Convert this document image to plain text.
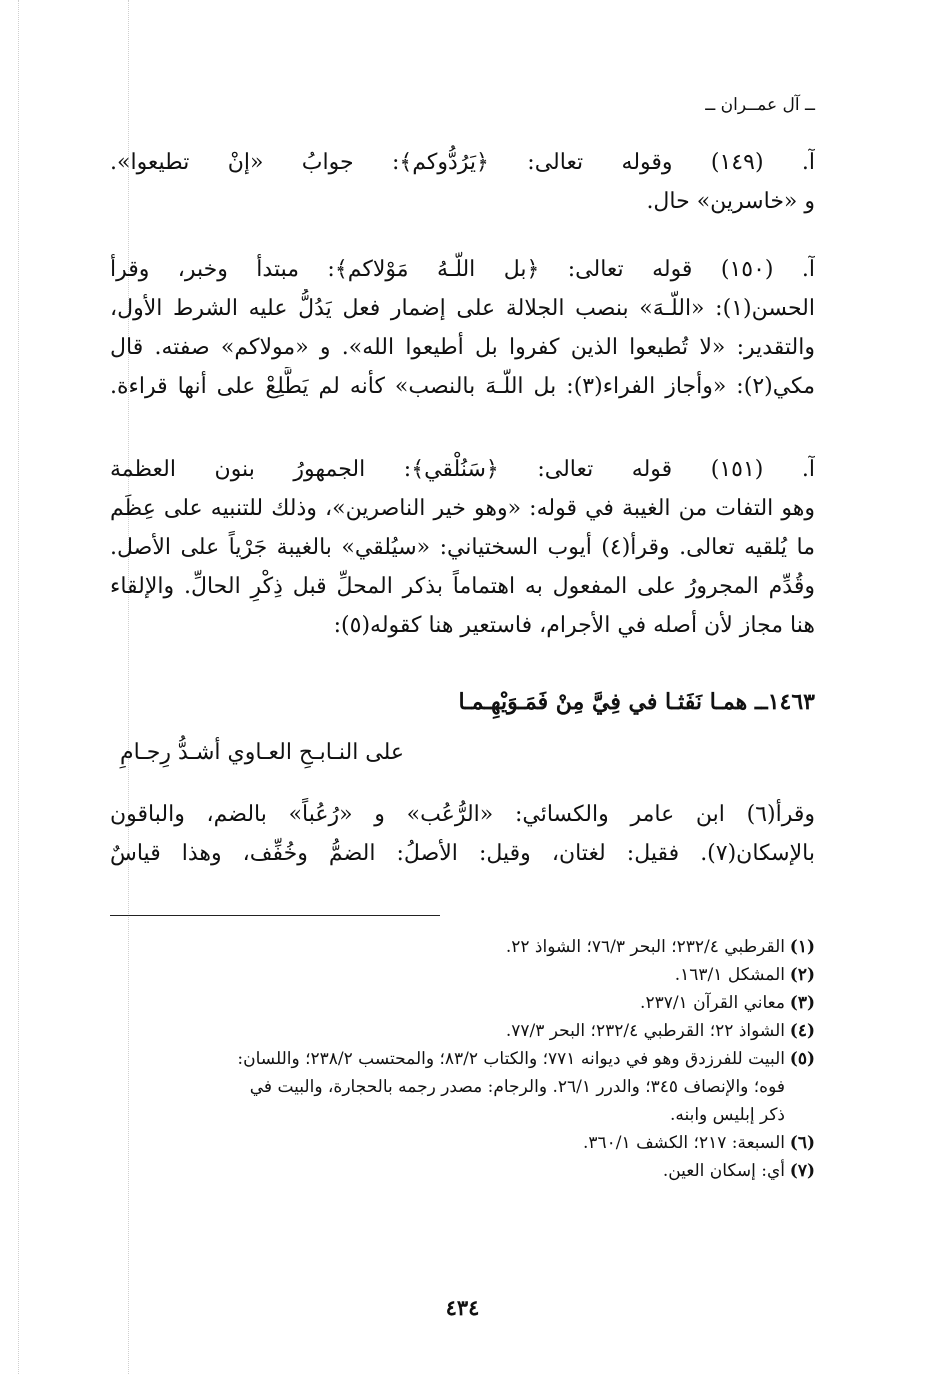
ــ آل عمــران ــ
آ. (١٤٩) وقوله تعالى: ﴿يَرُدُّوكم﴾: جوابُ «إنْ تطيعوا».
و «خاسرين» حال.
آ. (١٥٠) قوله تعالى: ﴿بل اللّـهُ مَوْلاكم﴾: مبتدأ وخبر، وقرأ
الحسن(١): «اللّـهَ» بنصب الجلالة على إضمار فعل يَدُلُّ عليه الشرط الأول،
والتقدير: «لا تُطيعوا الذين كفروا بل أطيعوا الله». و «مولاكم» صفته. قال
مكي(٢): «وأجاز الفراء(٣): بل اللّـهَ بالنصب» كأنه لم يَطَّلِعْ على أنها قراءة.
آ. (١٥١) قوله تعالى: ﴿سَنُلْقي﴾: الجمهورُ بنون العظمة
وهو التفات من الغيبة في قوله: «وهو خير الناصرين»، وذلك للتنبيه على عِظَم
ما يُلقيه تعالى. وقرأ(٤) أيوب السختياني: «سيُلقي» بالغيبة جَرْياً على الأصل.
وقُدِّم المجرورُ على المفعول به اهتماماً بذكر المحلِّ قبل ذِكْرِ الحالِّ. والإلقاء
هنا مجاز لأن أصله في الأجرام، فاستعير هنا كقوله(٥):
١٤٦٣ــ همـا نَفَثـا في فِيَّ مِنْ فَمَـوَيْهِـمـا
على النـابـحِ العـاوي أشـدُّ رِجـامِ
وقرأ(٦) ابن عامر والكسائي: «الرُّعُب» و «رُعُباً» بالضم، والباقون
بالإسكان(٧). فقيل: لغتان، وقيل: الأصلُ: الضمُّ وخُفِّف، وهذا قياسٌ
(١)القرطبي ٢٣٢/٤؛ البحر ٧٦/٣؛ الشواذ ٢٢.
(٢)المشكل ١٦٣/١.
(٣)معاني القرآن ٢٣٧/١.
(٤)الشواذ ٢٢؛ القرطبي ٢٣٢/٤؛ البحر ٧٧/٣.
(٥)البيت للفرزدق وهو في ديوانه ٧٧١؛ والكتاب ٨٣/٢؛ والمحتسب ٢٣٨/٢؛ واللسان:
فوه؛ والإنصاف ٣٤٥؛ والدرر ٢٦/١. والرجام: مصدر رجمه بالحجارة، والبيت في
ذكر إبليس وابنه.
(٦)السبعة: ٢١٧؛ الكشف ٣٦٠/١.
(٧)أي: إسكان العين.
٤٣٤
